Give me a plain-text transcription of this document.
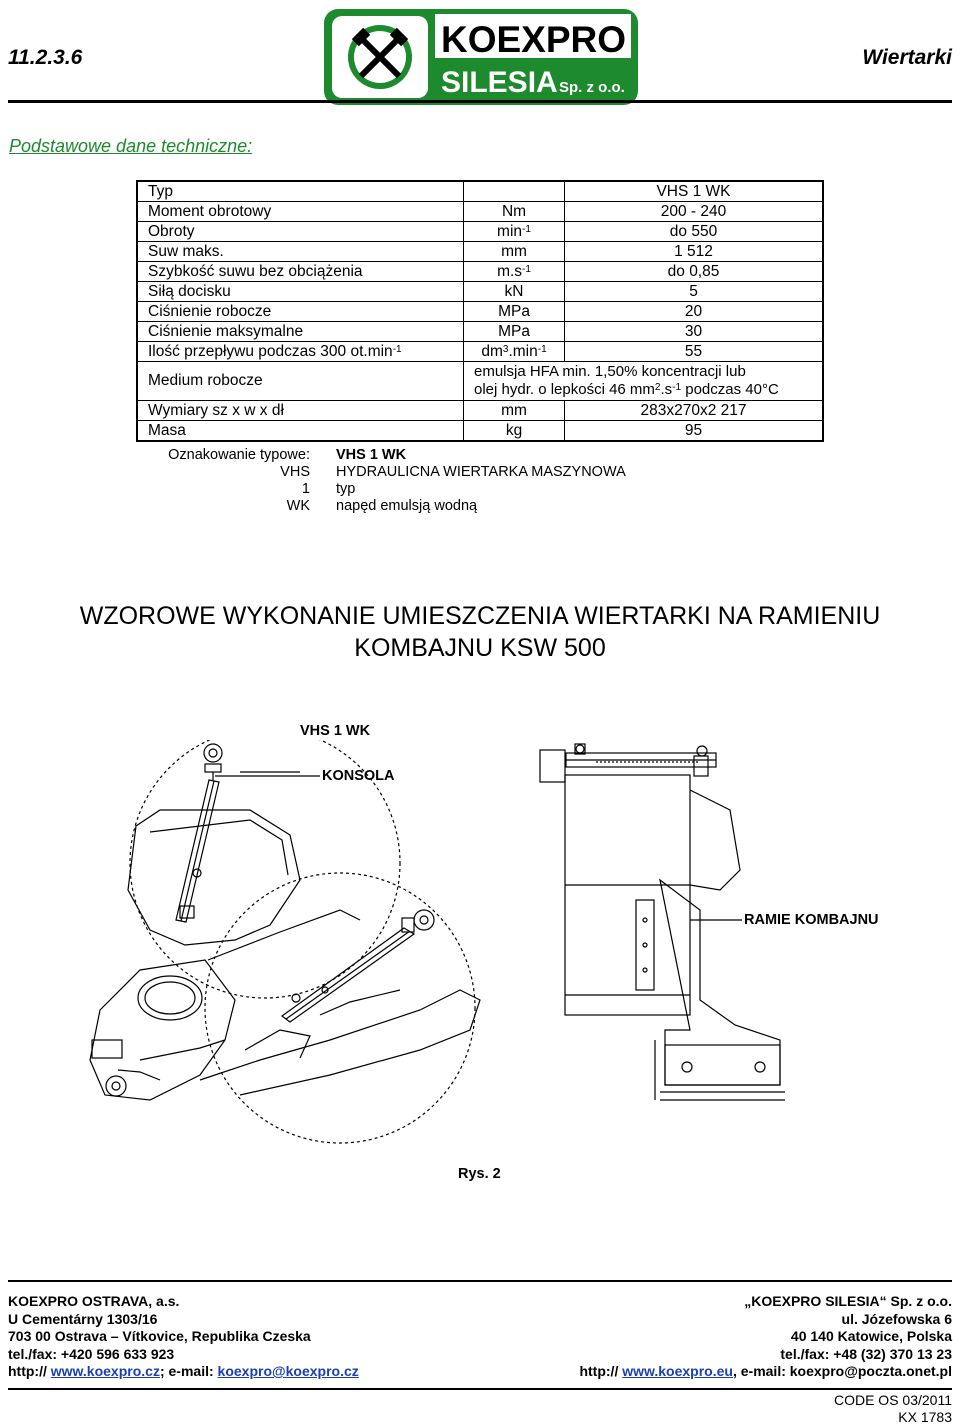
11.2.3.6	Wiertarki
KOEXPRO
SILESIA Sp. z o.o.
Podstawowe dane techniczne:
Typ		VHS 1 WK
Moment obrotowy	Nm	200 - 240
Obroty	$\min^{-1}$	do 550
Suw maks.	mm	1 512
Szybkość suwu bez obciążenia	$m.s^{-1}$	do 0,85
Siłą docisku	kN	5
Ciśnienie robocze	MPa	20
Ciśnienie maksymalne	MPa	30
Ilość przepływu podczas 300 $ot.\min^{-1}$	$dm^3.\min^{-1}$	55
Medium robocze	emulsja HFA min. 1,50% koncentracji lub
olej hydr. o lepkości 46 $mm^2.s^{-1}$ podczas 40°C	

Wymiary sz x w x dł	mm	283x270x2 217
Masa	kg	95
Oznakowanie typowe: VHS 1 WK
VHS HYDRAULICNA WIERTARKA MASZYNOWA
1 typ
WK napęd emulsją wodną
WZOROWE WYKONANIE UMIESZCZENIA WIERTARKI NA RAMIENIU
KOMBAJNU KSW 500
VHS 1 WK
KONSOLA
RAMIE KOMBAJNU
Rys. 2
KOEXPRO OSTRAVA, a.s.
U Cementárny 1303/16
703 00 Ostrava – Vítkovice, Republika Czeska
tel./fax: +420 596 633 923
http:// www.koexpro.cz; e-mail: koexpro@koexpro.cz
„KOEXPRO SILESIA“ Sp. z o.o.
ul. Józefowska 6
40 140 Katowice, Polska
tel./fax: +48 (32) 370 13 23
http:// www.koexpro.eu, e-mail: koexpro@poczta.onet.pl
CODE OS 03/2011
KX 1783
